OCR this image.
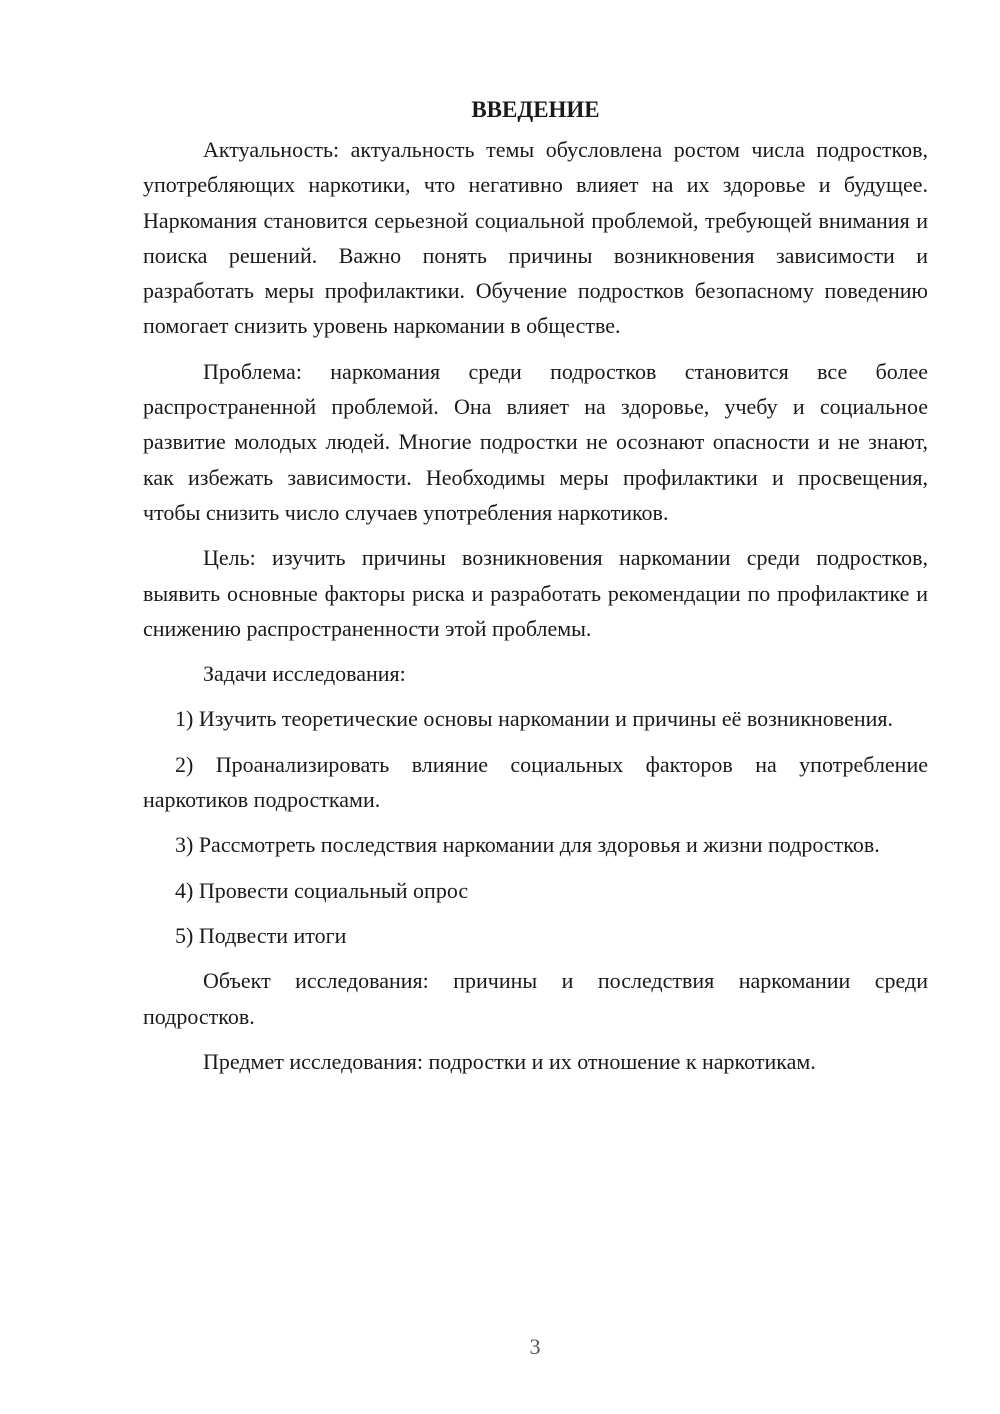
ВВЕДЕНИЕ

Актуальность: актуальность темы обусловлена ростом числа подростков, употребляющих наркотики, что негативно влияет на их здоровье и будущее. Наркомания становится серьезной социальной проблемой, требующей внимания и поиска решений. Важно понять причины возникновения зависимости и разработать меры профилактики. Обучение подростков безопасному поведению помогает снизить уровень наркомании в обществе.

Проблема: наркомания среди подростков становится все более распространенной проблемой. Она влияет на здоровье, учебу и социальное развитие молодых людей. Многие подростки не осознают опасности и не знают, как избежать зависимости. Необходимы меры профилактики и просвещения, чтобы снизить число случаев употребления наркотиков.

Цель: изучить причины возникновения наркомании среди подростков, выявить основные факторы риска и разработать рекомендации по профилактике и снижению распространенности этой проблемы.

Задачи исследования:

1) Изучить теоретические основы наркомании и причины её возникновения.

2) Проанализировать влияние социальных факторов на употребление наркотиков подростками.

3) Рассмотреть последствия наркомании для здоровья и жизни подростков.

4) Провести социальный опрос

5) Подвести итоги

Объект исследования: причины и последствия наркомании среди подростков.

Предмет исследования: подростки и их отношение к наркотикам.

3
